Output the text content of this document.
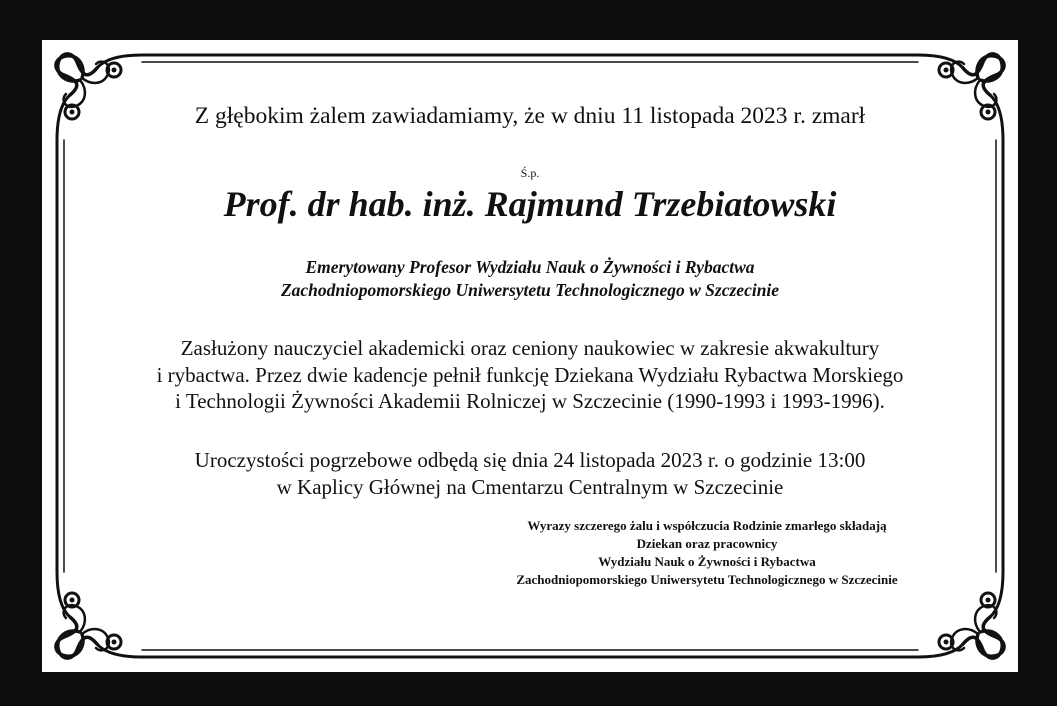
Z głębokim żalem zawiadamiamy, że w dniu 11 listopada 2023 r. zmarł

Ś.p.

Prof. dr hab. inż. Rajmund Trzebiatowski

Emerytowany Profesor Wydziału Nauk o Żywności i Rybactwa
Zachodniopomorskiego Uniwersytetu Technologicznego w Szczecinie
Zasłużony nauczyciel akademicki oraz ceniony naukowiec w zakresie akwakultury
i rybactwa. Przez dwie kadencje pełnił funkcję Dziekana Wydziału Rybactwa Morskiego
i Technologii Żywności Akademii Rolniczej w Szczecinie (1990-1993 i 1993-1996).
Uroczystości pogrzebowe odbędą się dnia 24 listopada 2023 r. o godzinie 13:00
w Kaplicy Głównej na Cmentarzu Centralnym w Szczecinie
Wyrazy szczerego żalu i współczucia Rodzinie zmarłego składają
Dziekan oraz pracownicy
Wydziału Nauk o Żywności i Rybactwa
Zachodniopomorskiego Uniwersytetu Technologicznego w Szczecinie
